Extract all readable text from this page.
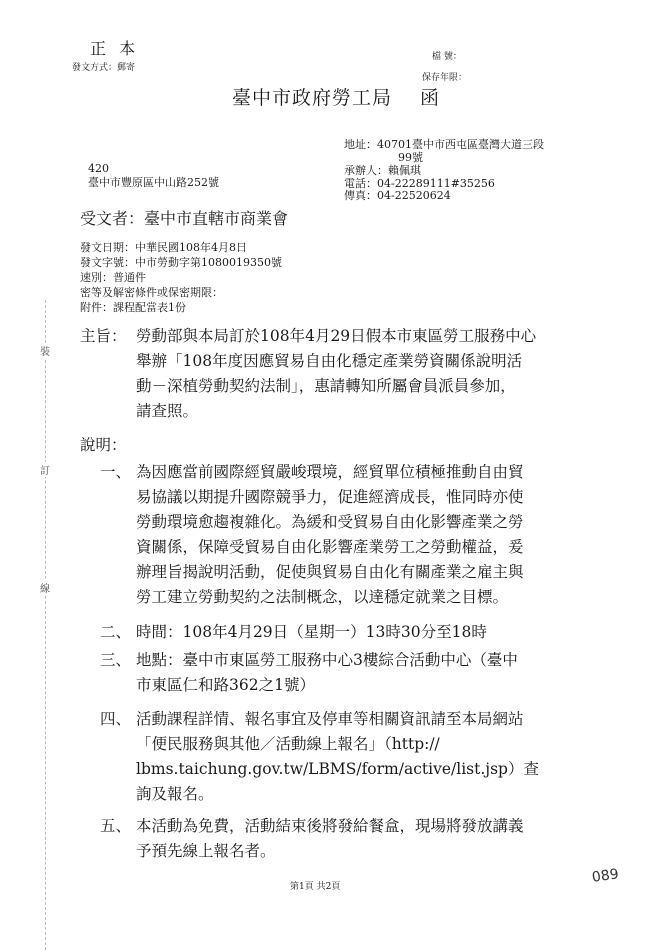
正 本
發文方式：郵寄
檔 號：
保存年限：
臺中市政府勞工局 函
地址：40701臺中市西屯區臺灣大道三段
99號
承辦人：賴佩琪
電話：04-22289111#35256
傳真：04-22520624
420
臺中市豐原區中山路252號
受文者：臺中市直轄市商業會
發文日期：中華民國108年4月8日
發文字號：中市勞動字第1080019350號
速別：普通件
密等及解密條件或保密期限：
附件：課程配當表1份
主旨： 勞動部與本局訂於108年4月29日假本市東區勞工服務中心
舉辦「108年度因應貿易自由化穩定產業勞資關係說明活
動－深植勞動契約法制」，惠請轉知所屬會員派員參加，
請查照。
說明：
一、 為因應當前國際經貿嚴峻環境，經貿單位積極推動自由貿
易協議以期提升國際競爭力，促進經濟成長，惟同時亦使
勞動環境愈趨複雜化。為緩和受貿易自由化影響產業之勞
資關係，保障受貿易自由化影響產業勞工之勞動權益，爰
辦理旨揭說明活動，促使與貿易自由化有關產業之雇主與
勞工建立勞動契約之法制概念，以達穩定就業之目標。
二、 時間：108年4月29日（星期一）13時30分至18時
三、 地點：臺中市東區勞工服務中心3樓綜合活動中心（臺中
市東區仁和路362之1號）
四、 活動課程詳情、報名事宜及停車等相關資訊請至本局網站
「便民服務與其他／活動線上報名」（http://
lbms.taichung.gov.tw/LBMS/form/active/list.jsp）查
詢及報名。
五、 本活動為免費，活動結束後將發給餐盒，現場將發放講義
予預先線上報名者。
裝
訂
線
第1頁 共2頁
089
